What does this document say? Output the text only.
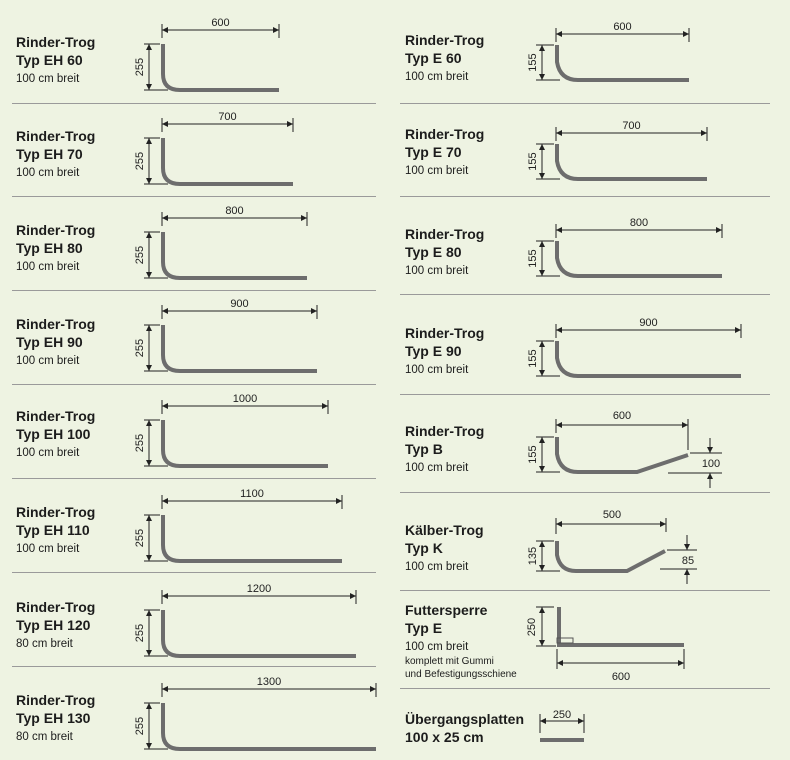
600
255
700
255
800
255
900
255
1000
255
1100
255
1200
255
1300
255
600
155
700
155
800
155
900
155
600
155
100
500
135	85
250
600
250
Rinder-Trog
Typ EH 60
100 cm breit
Rinder-Trog
Typ EH 70
100 cm breit
Rinder-Trog
Typ EH 80
100 cm breit
Rinder-Trog
Typ EH 90
100 cm breit
Rinder-Trog
Typ EH 100
100 cm breit
Rinder-Trog
Typ EH 110
100 cm breit
Rinder-Trog
Typ EH 120
80 cm breit
Rinder-Trog
Typ EH 130
80 cm breit
Rinder-Trog
Typ E 60
100 cm breit
Rinder-Trog
Typ E 70
100 cm breit
Rinder-Trog
Typ E 80
100 cm breit
Rinder-Trog
Typ E 90
100 cm breit
Rinder-Trog
Typ B
100 cm breit
Kälber-Trog
Typ K
100 cm breit
Futtersperre
Typ E
100 cm breit
komplett mit Gummi
und Befestigungsschiene
Übergangsplatten
100 x 25 cm
